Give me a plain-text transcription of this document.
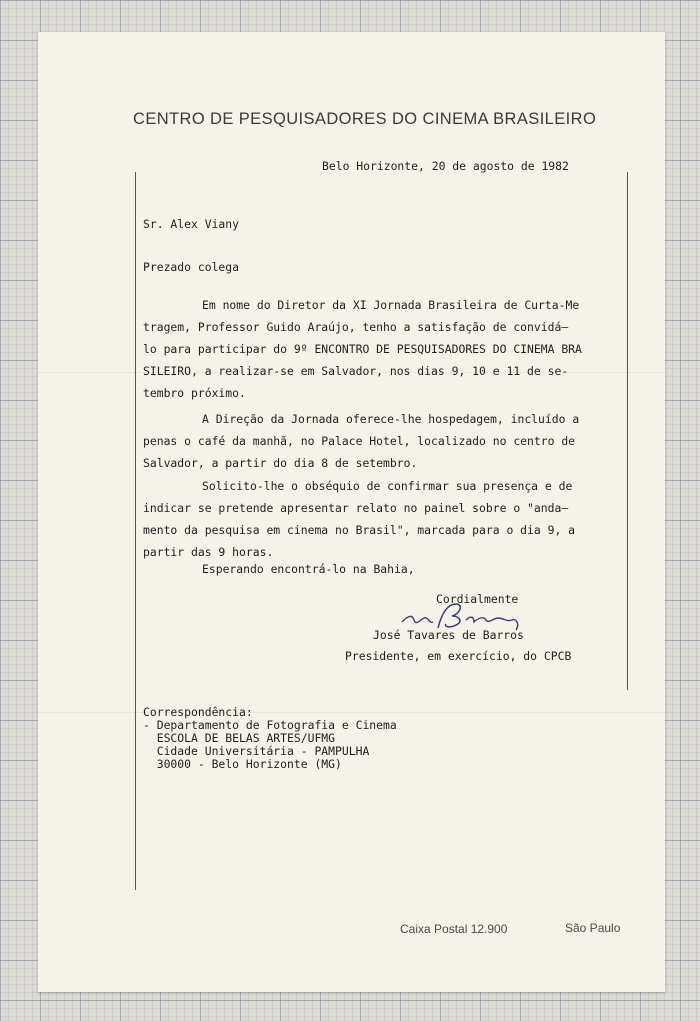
CENTRO DE PESQUISADORES DO CINEMA BRASILEIRO
Belo Horizonte, 20 de agosto de 1982
Sr. Alex Viany
Prezado colega
Em nome do Diretor da XI Jornada Brasileira de Curta-Me
tragem, Professor Guido Araújo, tenho a satisfação de convidá—
lo para participar do 9º ENCONTRO DE PESQUISADORES DO CINEMA BRA
SILEIRO, a realizar-se em Salvador, nos dias 9, 10 e 11 de se-
tembro próximo.
A Direção da Jornada oferece-lhe hospedagem, incluído a
penas o café da manhã, no Palace Hotel, localizado no centro de
Salvador, a partir do dia 8 de setembro.
Solicito-lhe o obséquio de confirmar sua presença e de
indicar se pretende apresentar relato no painel sobre o "anda—
mento da pesquisa em cinema no Brasil", marcada para o dia 9, a
partir das 9 horas.
Esperando encontrá-lo na Bahia,
Cordialmente
José Tavares de Barros
Presidente, em exercício, do CPCB
Correspondência:
- Departamento de Fotografia e Cinema
ESCOLA DE BELAS ARTES/UFMG
Cidade Universitária - PAMPULHA
30000 - Belo Horizonte (MG)
Caixa Postal 12.900	São Paulo
